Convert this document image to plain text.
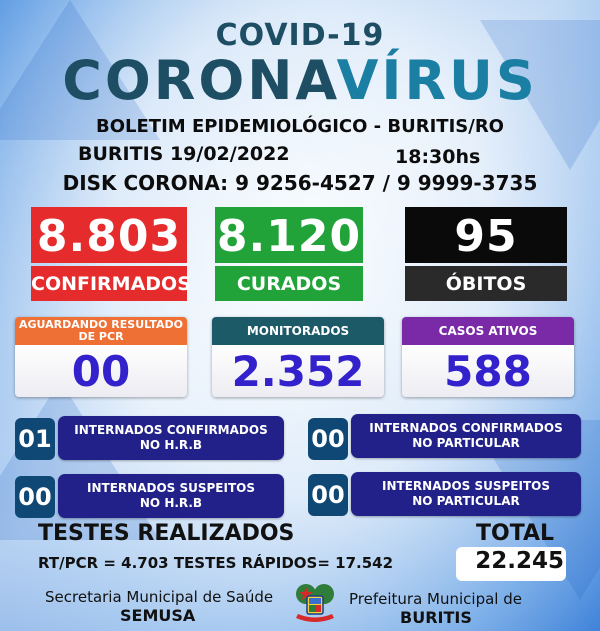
COVID-19
CORONAVÍRUS
BOLETIM EPIDEMIOLÓGICO - BURITIS/RO
BURITIS 19/02/2022	18:30hs
DISK CORONA: 9 9256-4527 / 9 9999-3735
8.803
CONFIRMADOS
8.120
CURADOS
95
ÓBITOS
AGUARDANDO RESULTADO
DE PCR
00
MONITORADOS
2.352
CASOS ATIVOS
588
01	INTERNADOS CONFIRMADOS
NO H.R.B	00	INTERNADOS CONFIRMADOS
NO PARTICULAR
00	INTERNADOS SUSPEITOS
NO H.R.B	00	INTERNADOS SUSPEITOS
NO PARTICULAR
TESTES REALIZADOS	TOTAL
RT/PCR = 4.703 TESTES RÁPIDOS= 17.542	22.245
Secretaria Municipal de Saúde
SEMUSA
Prefeitura Municipal de
BURITIS
